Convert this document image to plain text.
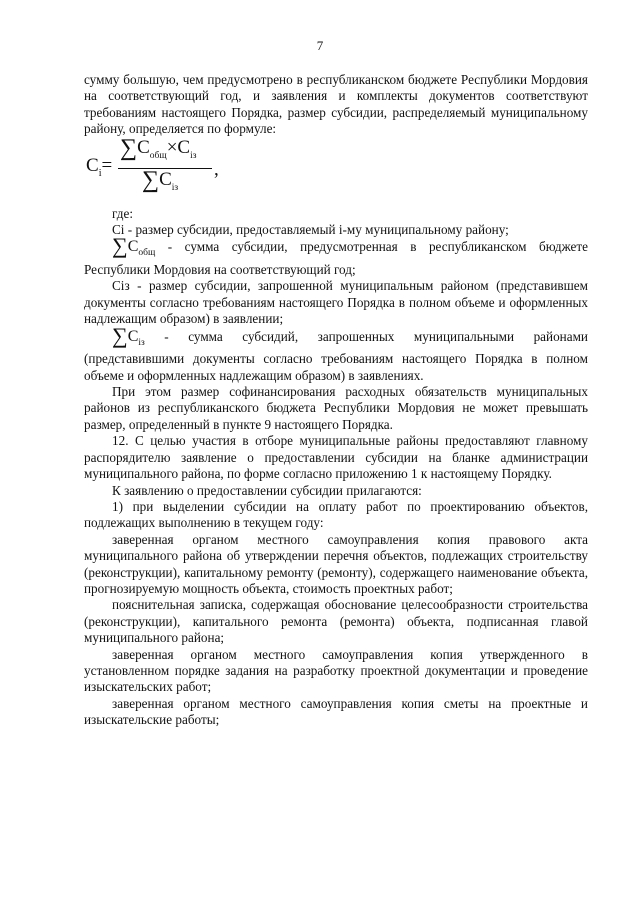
7

сумму большую, чем предусмотрено в республиканском бюджете Республики Мордовия на соответствующий год, и заявления и комплекты документов соответствуют требованиям настоящего Порядка, размер субсидии, распределяемый муниципальному району, определяется по формуле:

$C_i=$
$\sum C_{общ}\times C_{iз}$
$\sum C_{iз}$
,

где:

Ci - размер субсидии, предоставляемый i-му муниципальному району;

$\sum C_{общ}$ - сумма субсидии, предусмотренная в республиканском бюджете Республики Мордовия на соответствующий год;

Ciз - размер субсидии, запрошенной муниципальным районом (представившем документы согласно требованиям настоящего Порядка в полном объеме и оформленных надлежащим образом) в заявлении;

$\sum C_{iз}$ - сумма субсидий, запрошенных муниципальными районами (представившими документы согласно требованиям настоящего Порядка в полном объеме и оформленных надлежащим образом) в заявлениях.

При этом размер софинансирования расходных обязательств муниципальных районов из республиканского бюджета Республики Мордовия не может превышать размер, определенный в пункте 9 настоящего Порядка.

12. С целью участия в отборе муниципальные районы предоставляют главному распорядителю заявление о предоставлении субсидии на бланке администрации муниципального района, по форме согласно приложению 1 к настоящему Порядку.

К заявлению о предоставлении субсидии прилагаются:

1) при выделении субсидии на оплату работ по проектированию объектов, подлежащих выполнению в текущем году:

заверенная органом местного самоуправления копия правового акта муниципального района об утверждении перечня объектов, подлежащих строительству (реконструкции), капитальному ремонту (ремонту), содержащего наименование объекта, прогнозируемую мощность объекта, стоимость проектных работ;

пояснительная записка, содержащая обоснование целесообразности строительства (реконструкции), капитального ремонта (ремонта) объекта, подписанная главой муниципального района;

заверенная органом местного самоуправления копия утвержденного в установленном порядке задания на разработку проектной документации и проведение изыскательских работ;

заверенная органом местного самоуправления копия сметы на проектные и изыскательские работы;
